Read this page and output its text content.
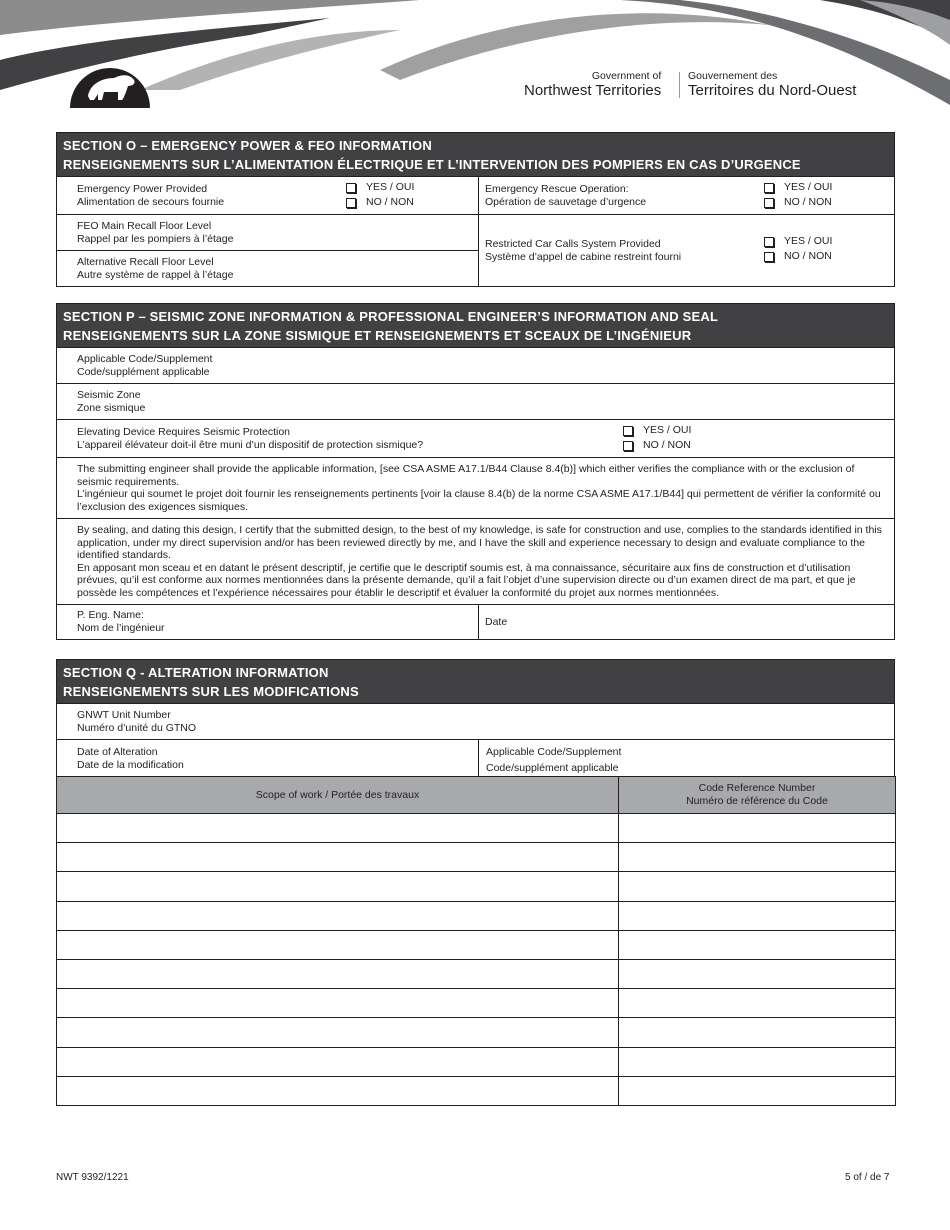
Government of
Northwest Territories
Gouvernement des
Territoires du Nord-Ouest
SECTION O – EMERGENCY POWER & FEO INFORMATION
RENSEIGNEMENTS SUR L’ALIMENTATION ÉLECTRIQUE ET L’INTERVENTION DES POMPIERS EN CAS D’URGENCE
Emergency Power Provided
Alimentation de secours fournie
YES / OUI
NO / NON
Emergency Rescue Operation:
Opération de sauvetage d’urgence
YES / OUI
NO / NON
FEO Main Recall Floor Level
Rappel par les pompiers à l’étage
Alternative Recall Floor Level
Autre système de rappel à l’étage
Restricted Car Calls System Provided
Système d’appel de cabine restreint fourni
YES / OUI
NO / NON
SECTION P – SEISMIC ZONE INFORMATION & PROFESSIONAL ENGINEER’S INFORMATION AND SEAL
RENSEIGNEMENTS SUR LA ZONE SISMIQUE ET RENSEIGNEMENTS ET SCEAUX DE L’INGÉNIEUR
Applicable Code/Supplement
Code/supplément applicable
Seismic Zone
Zone sismique
Elevating Device Requires Seismic Protection
L’appareil élévateur doit-il être muni d’un dispositif de protection sismique?
YES / OUI
NO / NON
The submitting engineer shall provide the applicable information, [see CSA ASME A17.1/B44 Clause 8.4(b)] which either verifies the compliance with or the exclusion of seismic requirements.
L’ingénieur qui soumet le projet doit fournir les renseignements pertinents [voir la clause 8.4(b) de la norme CSA ASME A17.1/B44] qui permettent de vérifier la conformité ou l’exclusion des exigences sismiques.
By sealing, and dating this design, I certify that the submitted design, to the best of my knowledge, is safe for construction and use, complies to the standards identified in this application, under my direct supervision and/or has been reviewed directly by me, and I have the skill and experience necessary to design and evaluate compliance to the identified standards.
En apposant mon sceau et en datant le présent descriptif, je certifie que le descriptif soumis est, à ma connaissance, sécuritaire aux fins de construction et d’utilisation prévues, qu’il est conforme aux normes mentionnées dans la présente demande, qu’il a fait l’objet d’une supervision directe ou d’un examen direct de ma part, et que je possède les compétences et l’expérience nécessaires pour établir le descriptif et évaluer la conformité du projet aux normes mentionnées.
P. Eng. Name:
Nom de l’ingénieur	Date
SECTION Q - ALTERATION INFORMATION
RENSEIGNEMENTS SUR LES MODIFICATIONS
GNWT Unit Number
Numéro d’unité du GTNO
Date of Alteration
Date de la modification
Applicable Code/Supplement
Code/supplément applicable
Scope of work / Portée des travaux	Code Reference Number
Numéro de référence du Code

NWT 9392/1221	5 of / de 7
